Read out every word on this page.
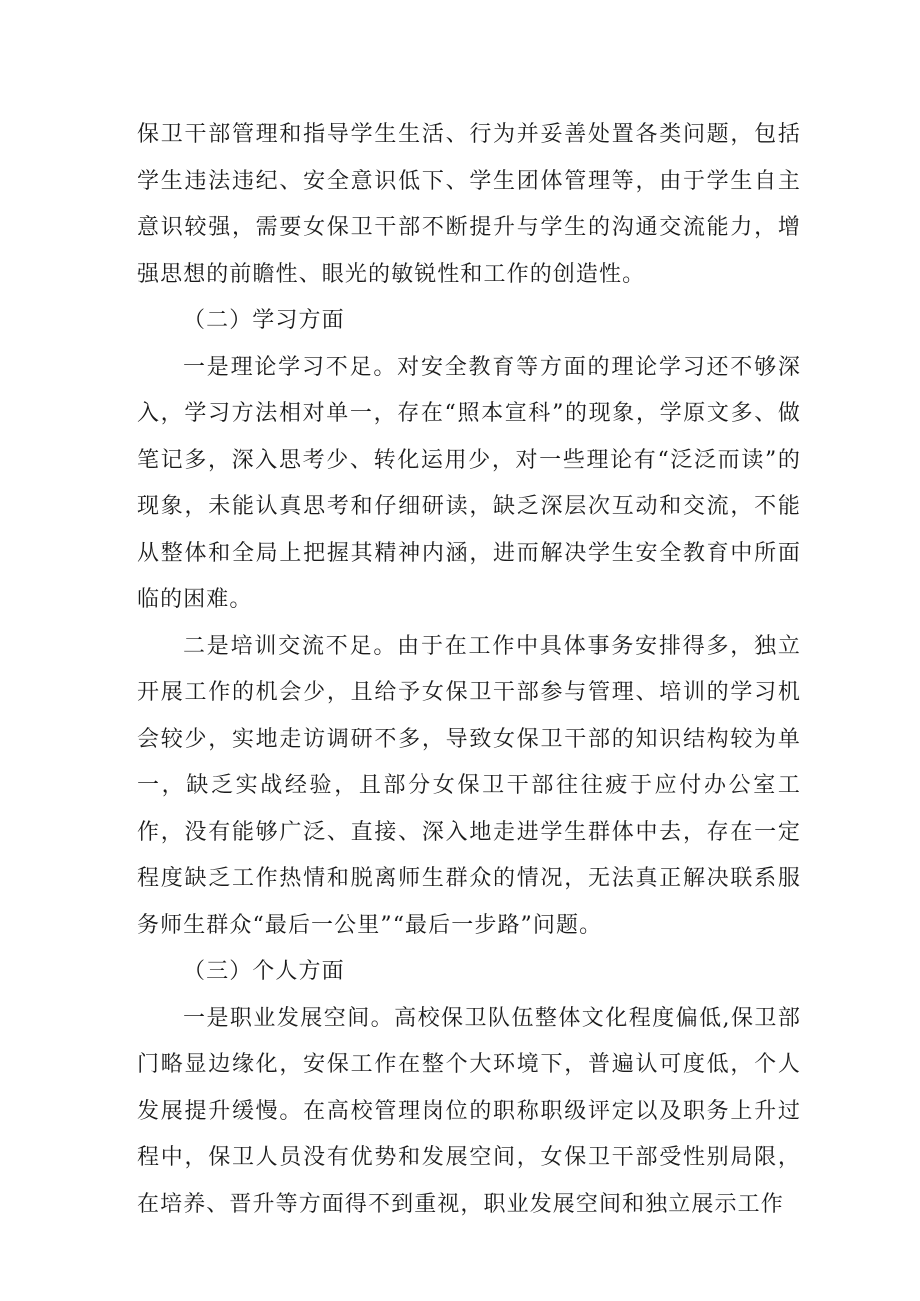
保卫干部管理和指导学生生活、行为并妥善处置各类问题，包括学生违法违纪、安全意识低下、学生团体管理等，由于学生自主意识较强，需要女保卫干部不断提升与学生的沟通交流能力，增强思想的前瞻性、眼光的敏锐性和工作的创造性。

（二）学习方面

一是理论学习不足。对安全教育等方面的理论学习还不够深入，学习方法相对单一，存在“照本宣科”的现象，学原文多、做笔记多，深入思考少、转化运用少，对一些理论有“泛泛而读”的现象，未能认真思考和仔细研读，缺乏深层次互动和交流，不能从整体和全局上把握其精神内涵，进而解决学生安全教育中所面临的困难。

二是培训交流不足。由于在工作中具体事务安排得多，独立开展工作的机会少，且给予女保卫干部参与管理、培训的学习机会较少，实地走访调研不多，导致女保卫干部的知识结构较为单一，缺乏实战经验，且部分女保卫干部往往疲于应付办公室工作，没有能够广泛、直接、深入地走进学生群体中去，存在一定程度缺乏工作热情和脱离师生群众的情况，无法真正解决联系服务师生群众“最后一公里”“最后一步路”问题。

（三）个人方面

一是职业发展空间。高校保卫队伍整体文化程度偏低,保卫部门略显边缘化，安保工作在整个大环境下，普遍认可度低，个人发展提升缓慢。在高校管理岗位的职称职级评定以及职务上升过程中，保卫人员没有优势和发展空间，女保卫干部受性别局限，在培养、晋升等方面得不到重视，职业发展空间和独立展示工作
